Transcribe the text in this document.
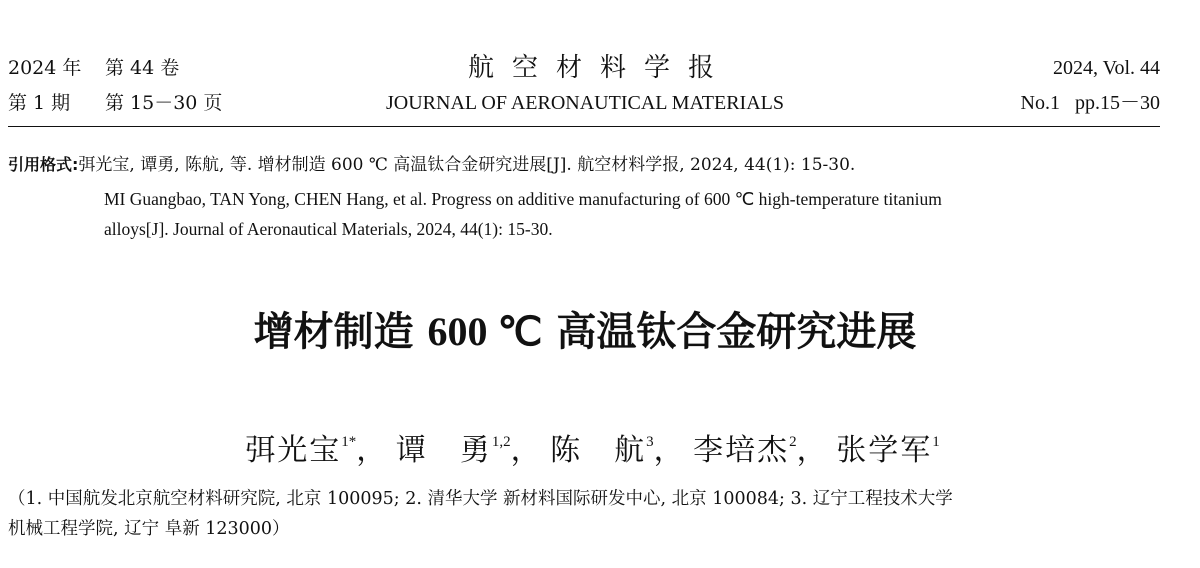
2024 年 第 44 卷
第 1 期 第 15－30 页
航空材料学报
JOURNAL OF AERONAUTICAL MATERIALS
2024, Vol. 44
No.1   pp.15－30
引用格式:弭光宝, 谭勇, 陈航, 等. 增材制造 600 ℃ 高温钛合金研究进展[J]. 航空材料学报, 2024, 44(1): 15-30.
MI Guangbao, TAN Yong, CHEN Hang, et al. Progress on additive manufacturing of 600 ℃ high-temperature titanium
alloys[J]. Journal of Aeronautical Materials, 2024, 44(1): 15-30.
增材制造 600 ℃ 高温钛合金研究进展
弭光宝$^{1*}$， 谭　勇$^{1,2}$， 陈　航$^3$， 李培杰$^2$， 张学军$^1$
（1. 中国航发北京航空材料研究院, 北京 100095; 2. 清华大学 新材料国际研发中心, 北京 100084; 3. 辽宁工程技术大学
机械工程学院, 辽宁 阜新 123000）
